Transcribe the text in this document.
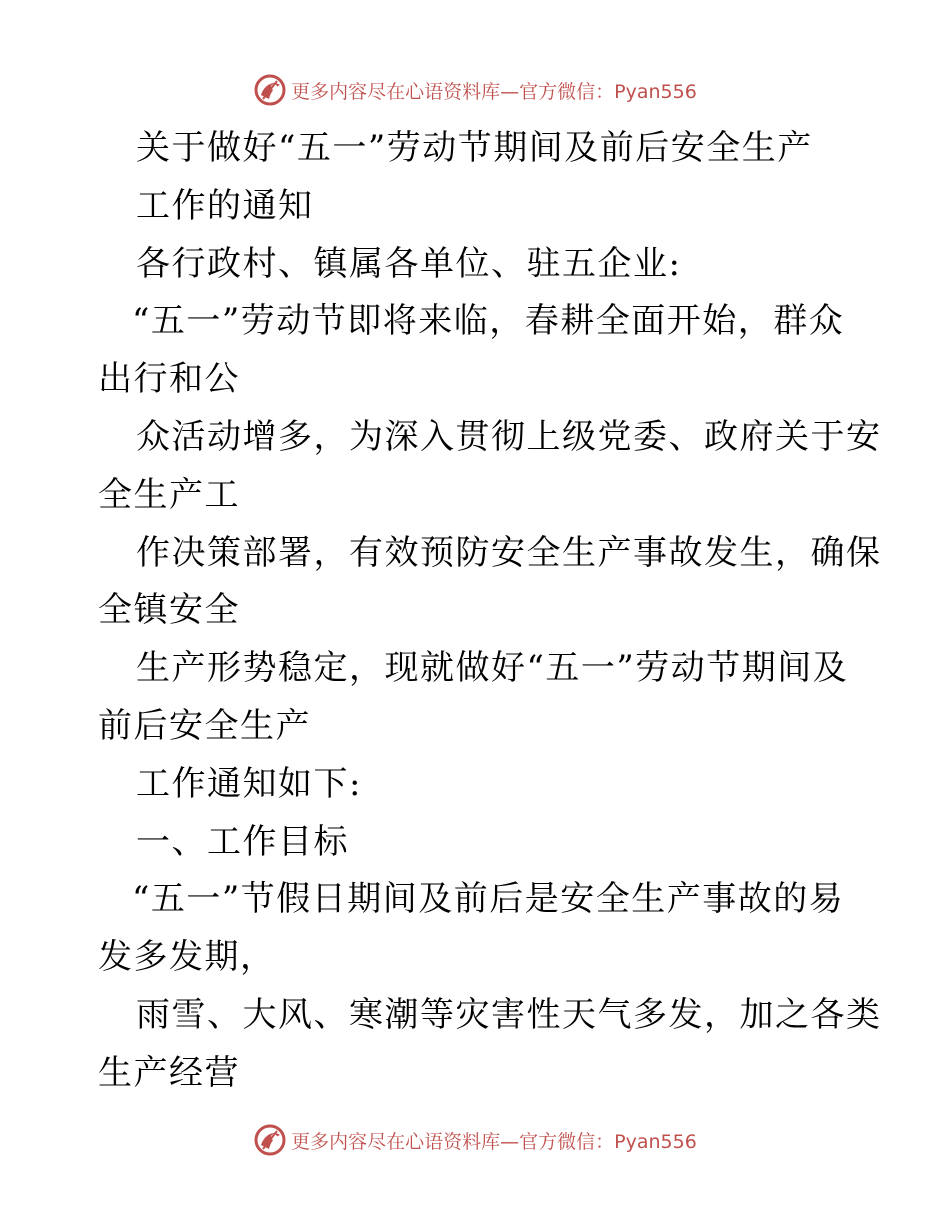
更多内容尽在心语资料库—官方微信：Pyan556
关于做好“五一”劳动节期间及前后安全生产
工作的通知
各行政村、镇属各单位、驻五企业:
“五一”劳动节即将来临，春耕全面开始，群众
出行和公
众活动增多，为深入贯彻上级党委、政府关于安
全生产工
作决策部署，有效预防安全生产事故发生，确保
全镇安全
生产形势稳定，现就做好“五一”劳动节期间及
前后安全生产
工作通知如下:
一、工作目标
“五一”节假日期间及前后是安全生产事故的易
发多发期，
雨雪、大风、寒潮等灾害性天气多发，加之各类
生产经营
更多内容尽在心语资料库—官方微信：Pyan556
